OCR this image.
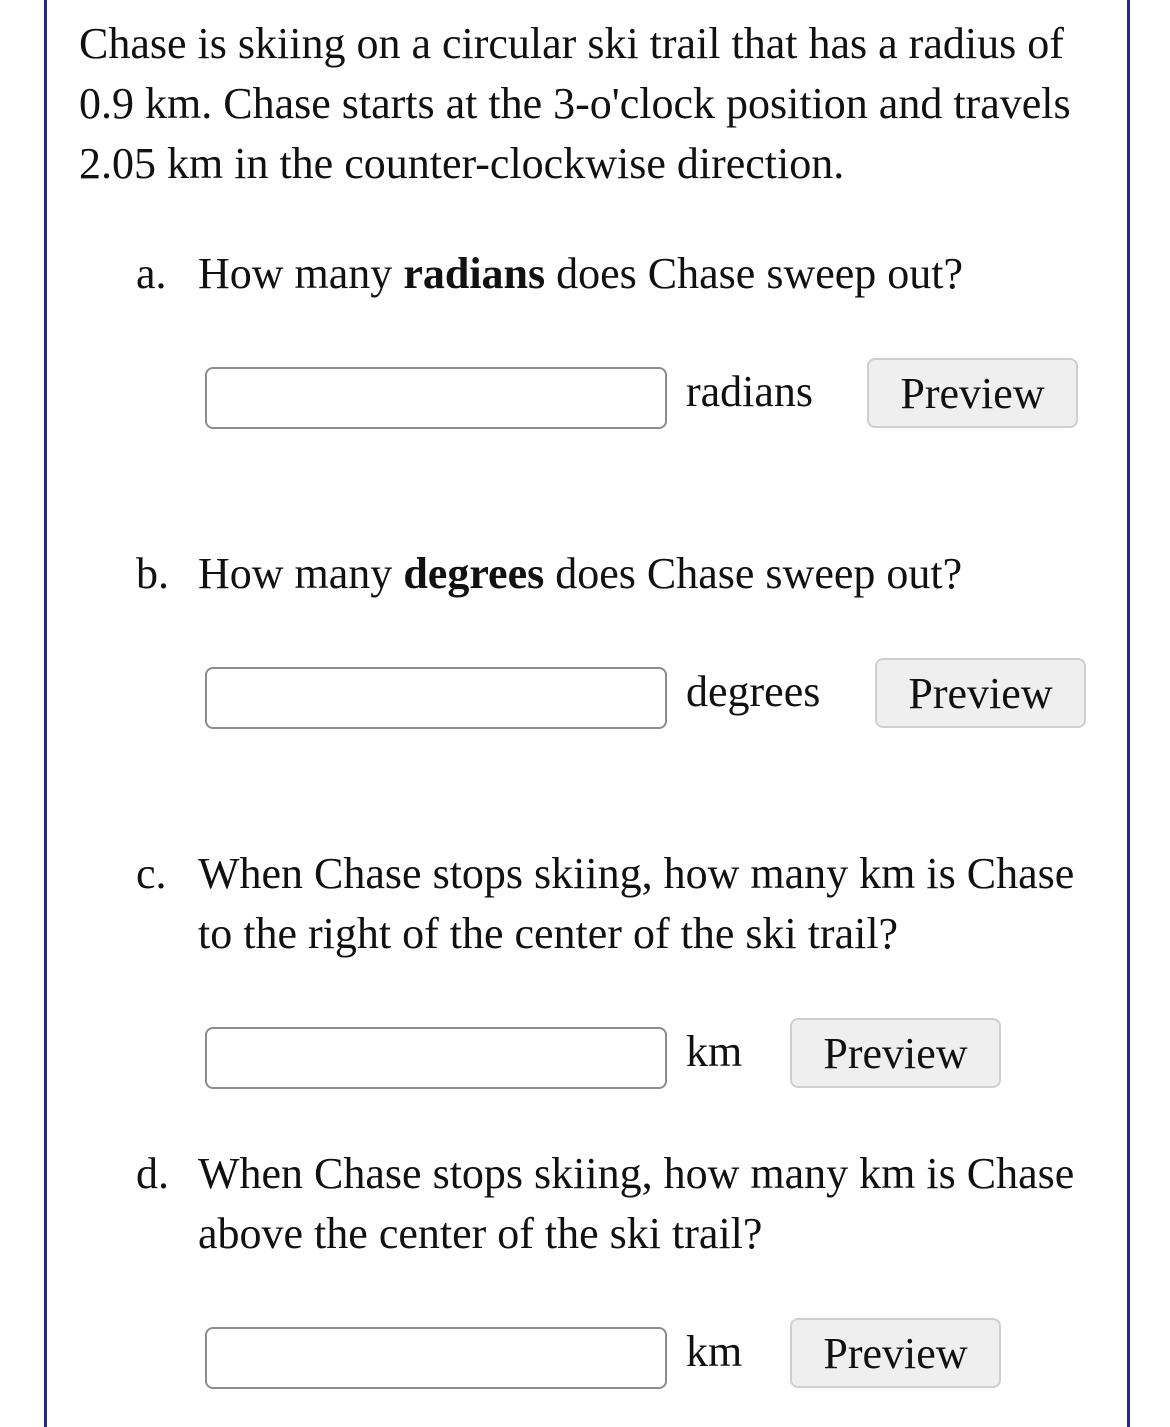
Chase is skiing on a circular ski trail that has a radius of 0.9 km. Chase starts at the 3-o'clock position and travels 2.05 km in the counter-clockwise direction.
a. How many radians does Chase sweep out?
radians	Preview
b. How many degrees does Chase sweep out?
degrees	Preview
c. When Chase stops skiing, how many km is Chase to the right of the center of the ski trail?
km	Preview
d. When Chase stops skiing, how many km is Chase above the center of the ski trail?
km	Preview
